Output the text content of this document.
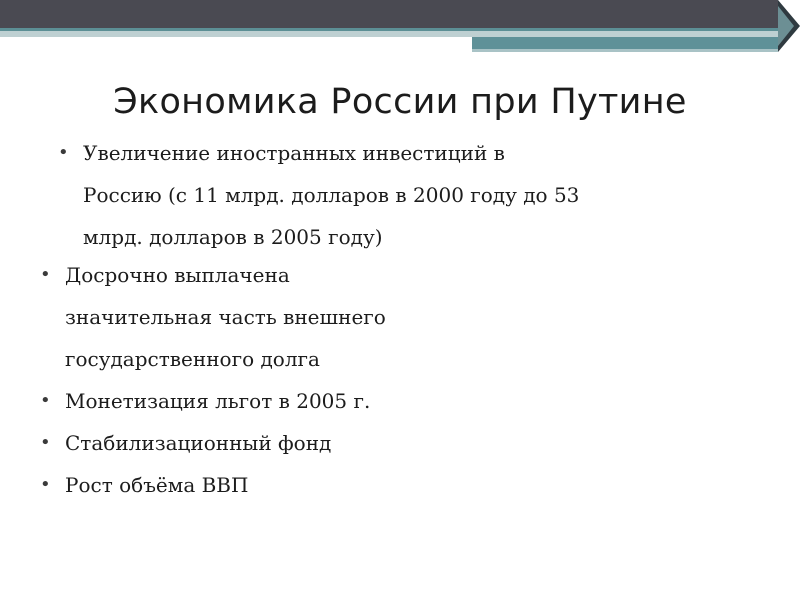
Экономика России при Путине
• Увеличение иностранных инвестиций в
Россию (с 11 млрд. долларов в 2000 году до 53
млрд. долларов в 2005 году)
• Досрочно выплачена
значительная часть внешнего
государственного долга
• Монетизация льгот в 2005 г.
• Стабилизационный фонд
• Рост объёма ВВП
